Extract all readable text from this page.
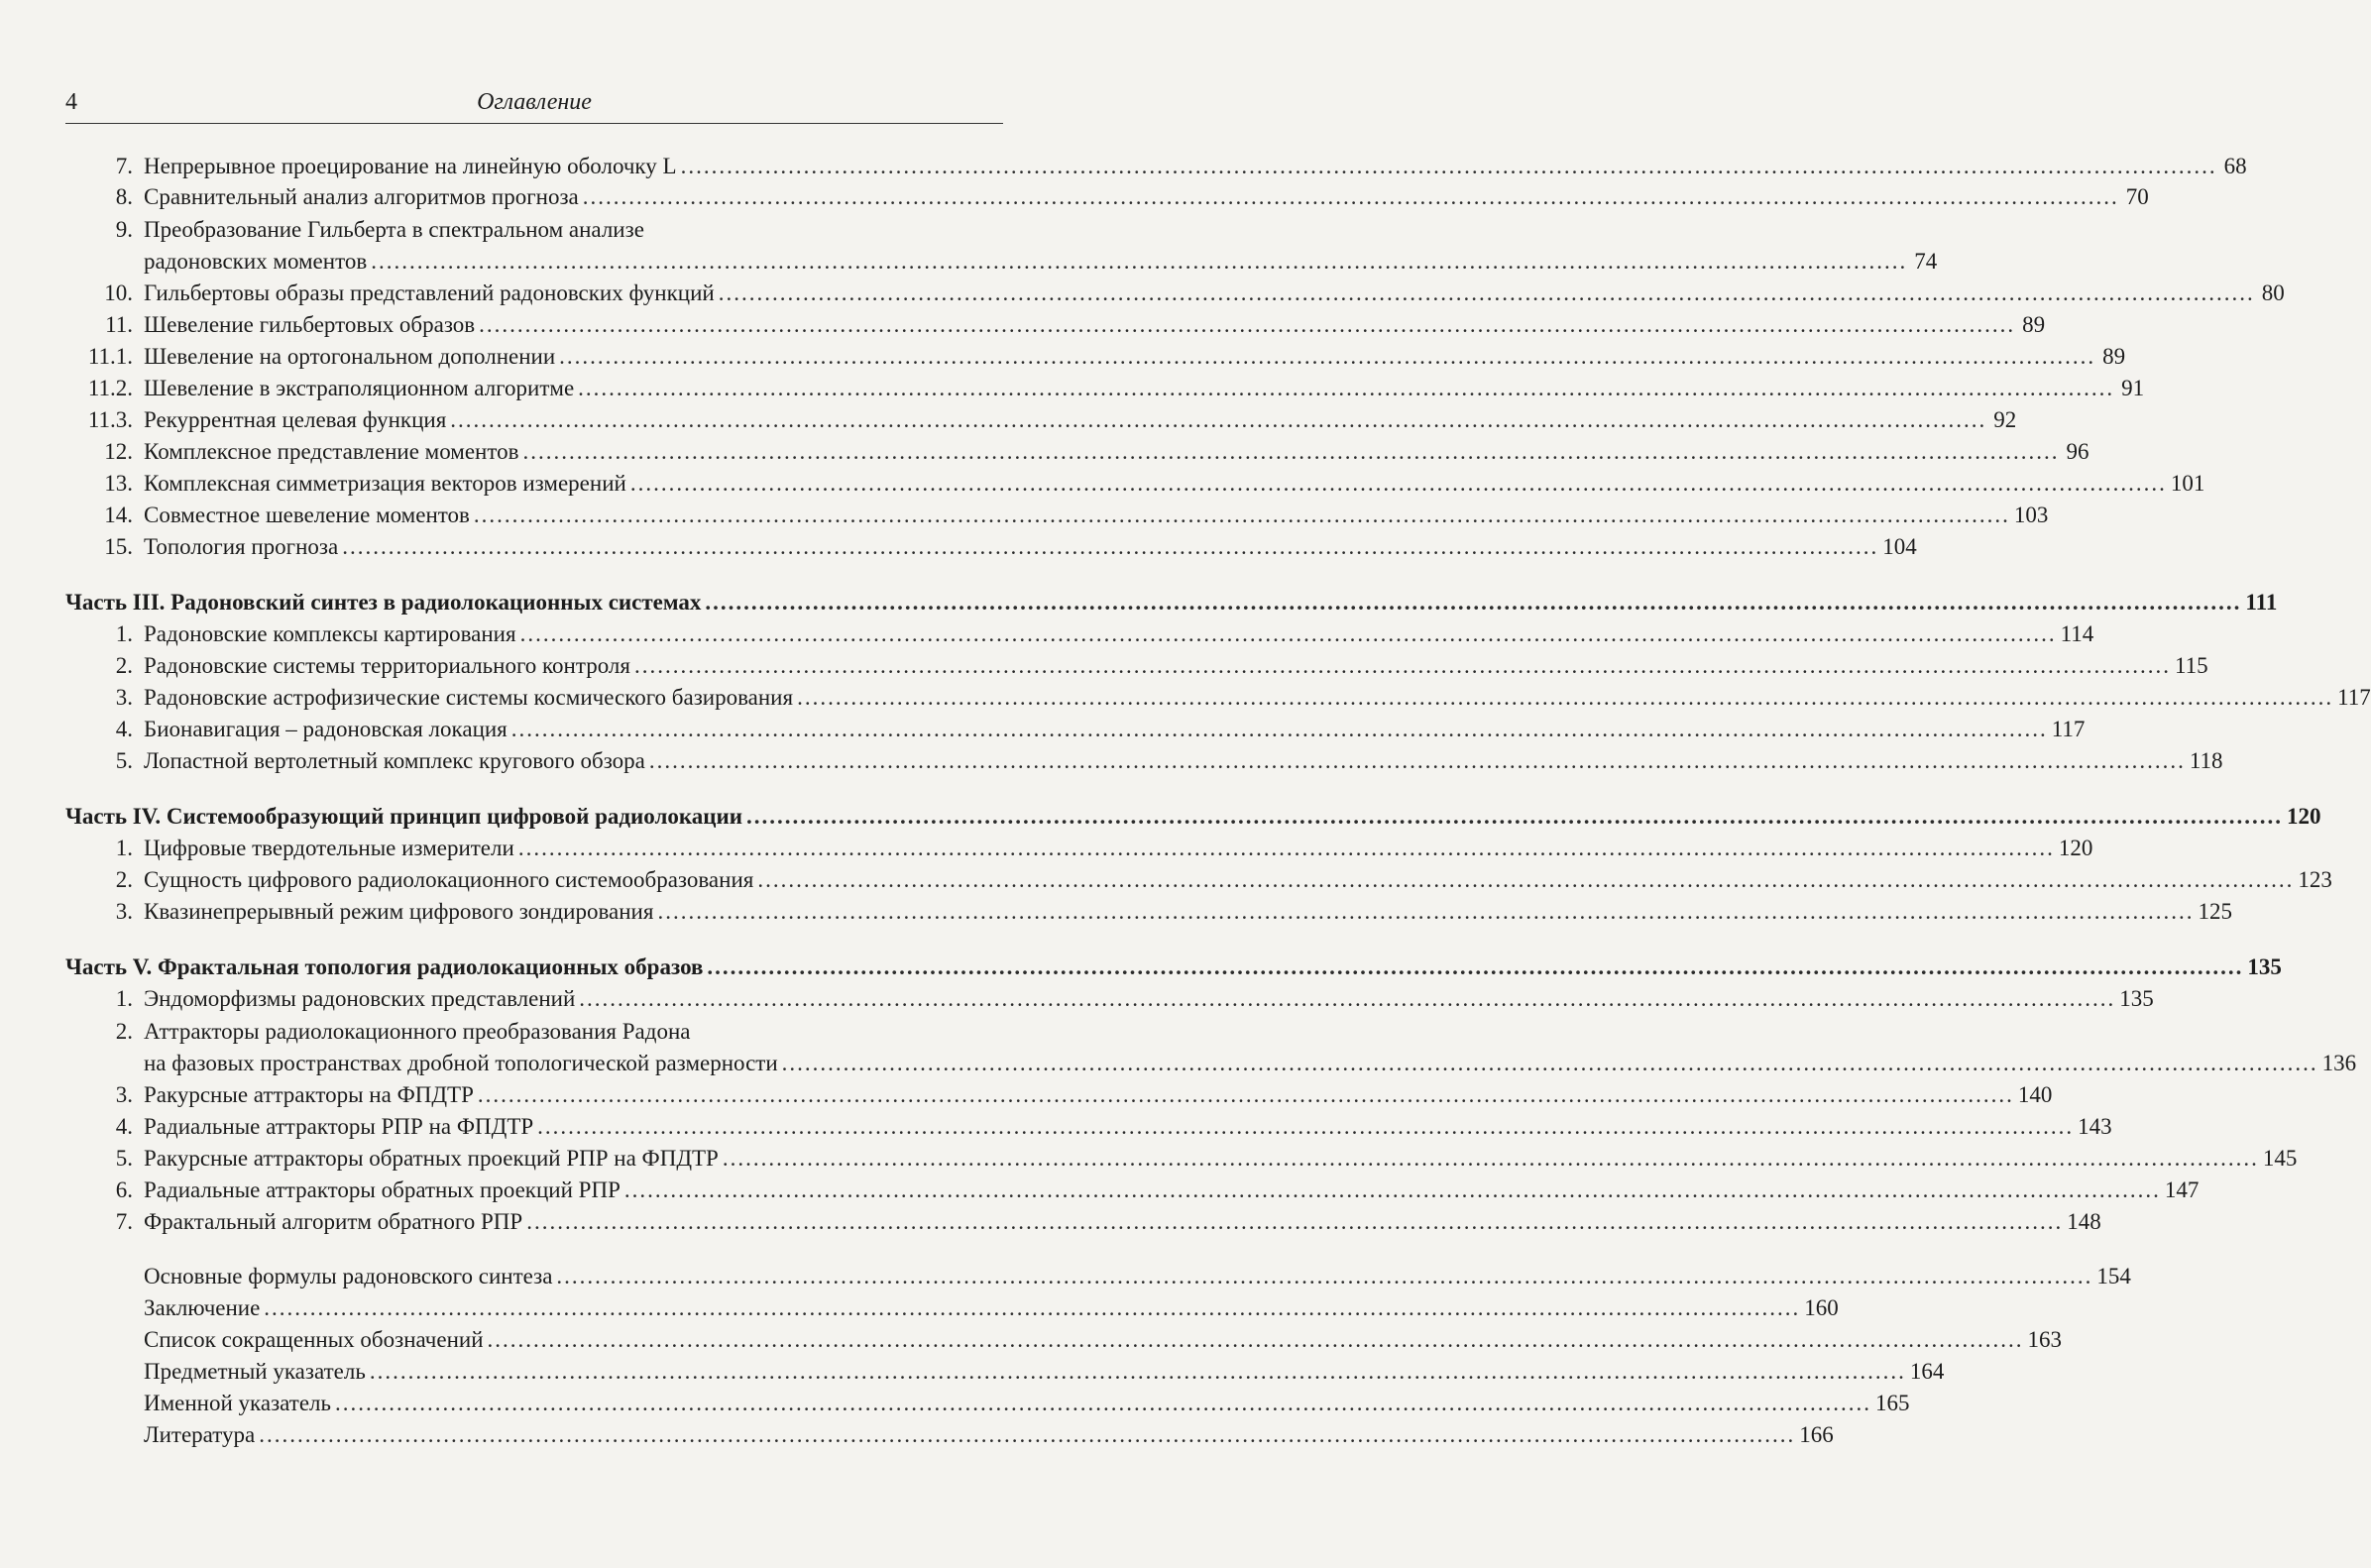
4	Оглавление
7. Непрерывное проецирование на линейную оболочку L ........................................................................................................................................................................................................ 68
8. Сравнительный анализ алгоритмов прогноза ........................................................................................................................................................................................................ 70
9. Преобразование Гильберта в спектральном анализе
радоновских моментов ........................................................................................................................................................................................................ 74
10. Гильбертовы образы представлений радоновских функций ........................................................................................................................................................................................................ 80
11. Шевеление гильбертовых образов ........................................................................................................................................................................................................ 89
11.1. Шевеление на ортогональном дополнении ........................................................................................................................................................................................................ 89
11.2. Шевеление в экстраполяционном алгоритме ........................................................................................................................................................................................................ 91
11.3. Рекуррентная целевая функция ........................................................................................................................................................................................................ 92
12. Комплексное представление моментов ........................................................................................................................................................................................................ 96
13. Комплексная симметризация векторов измерений ........................................................................................................................................................................................................ 101
14. Совместное шевеление моментов ........................................................................................................................................................................................................ 103
15. Топология прогноза ........................................................................................................................................................................................................ 104
Часть III. Радоновский синтез в радиолокационных системах ........................................................................................................................................................................................................ 111
1. Радоновские комплексы картирования ........................................................................................................................................................................................................ 114
2. Радоновские системы территориального контроля ........................................................................................................................................................................................................ 115
3. Радоновские астрофизические системы космического базирования ........................................................................................................................................................................................................ 117
4. Бионавигация – радоновская локация ........................................................................................................................................................................................................ 117
5. Лопастной вертолетный комплекс кругового обзора ........................................................................................................................................................................................................ 118
Часть IV. Системообразующий принцип цифровой радиолокации ........................................................................................................................................................................................................ 120
1. Цифровые твердотельные измерители ........................................................................................................................................................................................................ 120
2. Сущность цифрового радиолокационного системообразования ........................................................................................................................................................................................................ 123
3. Квазинепрерывный режим цифрового зондирования ........................................................................................................................................................................................................ 125
Часть V. Фрактальная топология радиолокационных образов ........................................................................................................................................................................................................ 135
1. Эндоморфизмы радоновских представлений ........................................................................................................................................................................................................ 135
2. Аттракторы радиолокационного преобразования Радона
на фазовых пространствах дробной топологической размерности ........................................................................................................................................................................................................ 136
3. Ракурсные аттракторы на ФПДТР ........................................................................................................................................................................................................ 140
4. Радиальные аттракторы РПР на ФПДТР ........................................................................................................................................................................................................ 143
5. Ракурсные аттракторы обратных проекций РПР на ФПДТР ........................................................................................................................................................................................................ 145
6. Радиальные аттракторы обратных проекций РПР ........................................................................................................................................................................................................ 147
7. Фрактальный алгоритм обратного РПР ........................................................................................................................................................................................................ 148
Основные формулы радоновского синтеза ........................................................................................................................................................................................................ 154
Заключение ........................................................................................................................................................................................................ 160
Список сокращенных обозначений ........................................................................................................................................................................................................ 163
Предметный указатель ........................................................................................................................................................................................................ 164
Именной указатель ........................................................................................................................................................................................................ 165
Литература ........................................................................................................................................................................................................ 166
